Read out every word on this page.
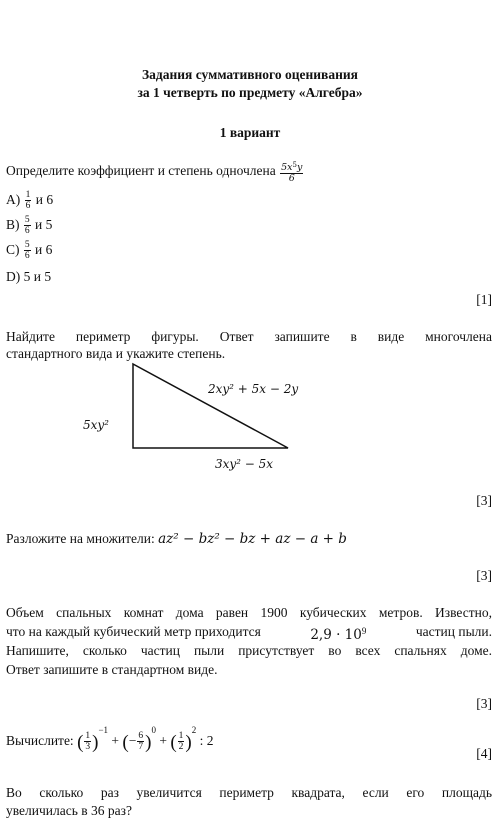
Задания суммативного оценивания
за 1 четверть по предмету «Алгебра»
1 вариант
Определите коэффициент и степень одночлена $\frac{5x^5y}{6}$
$A) \frac{1}{6}$ и 6
$B) \frac{5}{6}$ и 5
$C) \frac{5}{6}$ и 6
D) 5 и 5
[1]
Найдите периметр фигуры. Ответ запишите в виде многочлена
стандартного вида и укажите степень.
2xy² + 5x − 2y
5xy²
3xy² − 5x
[3]
Разложите на множители: az² − bz² − bz + az − a + b
[3]
Объем спальных комнат дома равен 1900 кубических метров. Известно,
что на каждый кубический метр приходится	$2,9 \cdot 10^9$	частиц пыли.
Напишите, сколько частиц пыли присутствует во всех спальнях доме.
Ответ запишите в стандартном виде.
[3]
Вычислите: ( $\frac{1}{3} )^{-1}$ + (− $\frac{6}{7} )^0$ + ( $\frac{1}{2} )^2$ : 2
[4]
Во сколько раз увеличится периметр квадрата, если его площадь
увеличилась в 36 раз?
